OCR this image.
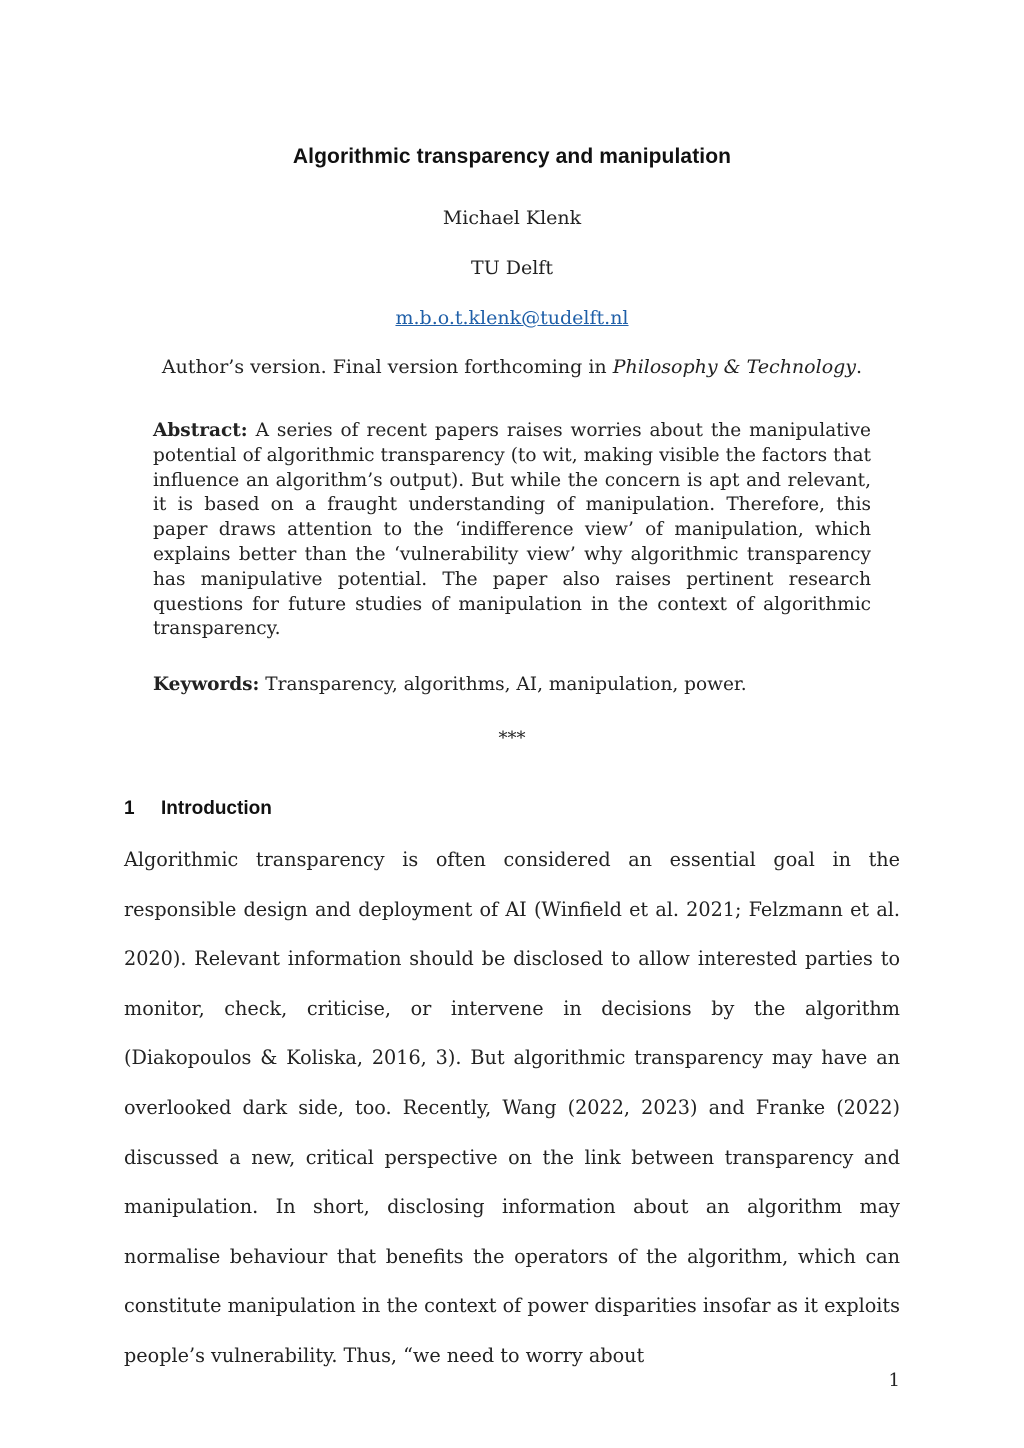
Algorithmic transparency and manipulation
Michael Klenk
TU Delft
m.b.o.t.klenk@tudelft.nl
Author’s version. Final version forthcoming in Philosophy & Technology.
Abstract: A series of recent papers raises worries about the manipulative potential of algorithmic transparency (to wit, making visible the factors that influence an algorithm’s output). But while the concern is apt and relevant, it is based on a fraught understanding of manipulation. Therefore, this paper draws attention to the ‘indifference view’ of manipulation, which explains better than the ‘vulnerability view’ why algorithmic transparency has manipulative potential. The paper also raises pertinent research questions for future studies of manipulation in the context of algorithmic transparency.
Keywords: Transparency, algorithms, AI, manipulation, power.
***
1 Introduction
Algorithmic transparency is often considered an essential goal in the responsible design and deployment of AI (Winfield et al. 2021; Felzmann et al. 2020). Relevant information should be disclosed to allow interested parties to monitor, check, criticise, or intervene in decisions by the algorithm (Diakopoulos & Koliska, 2016, 3). But algorithmic transparency may have an overlooked dark side, too. Recently, Wang (2022, 2023) and Franke (2022) discussed a new, critical perspective on the link between transparency and manipulation. In short, disclosing information about an algorithm may normalise behaviour that benefits the operators of the algorithm, which can constitute manipulation in the context of power disparities insofar as it exploits people’s vulnerability. Thus, “we need to worry about
1
